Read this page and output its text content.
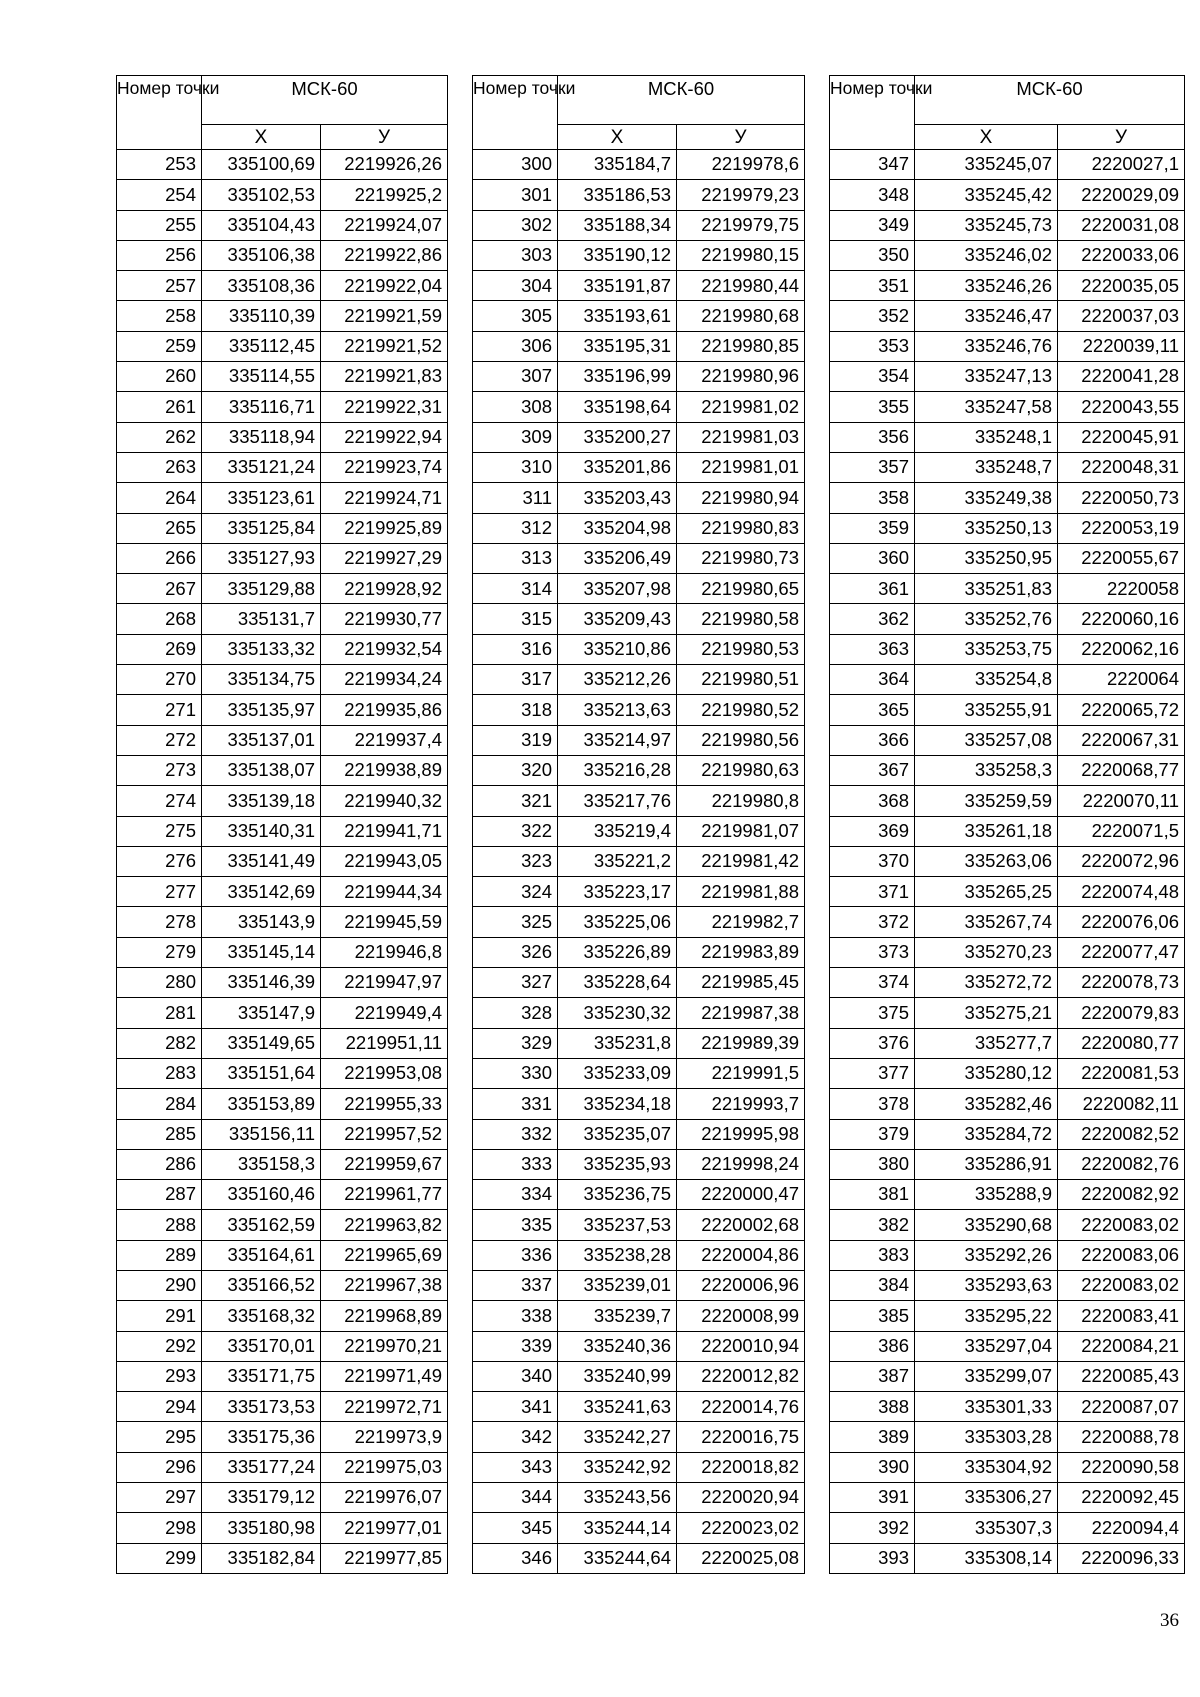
Номер точки	МСК-60	
	X	У
253	335100,69	2219926,26
254	335102,53	2219925,2
255	335104,43	2219924,07
256	335106,38	2219922,86
257	335108,36	2219922,04
258	335110,39	2219921,59
259	335112,45	2219921,52
260	335114,55	2219921,83
261	335116,71	2219922,31
262	335118,94	2219922,94
263	335121,24	2219923,74
264	335123,61	2219924,71
265	335125,84	2219925,89
266	335127,93	2219927,29
267	335129,88	2219928,92
268	335131,7	2219930,77
269	335133,32	2219932,54
270	335134,75	2219934,24
271	335135,97	2219935,86
272	335137,01	2219937,4
273	335138,07	2219938,89
274	335139,18	2219940,32
275	335140,31	2219941,71
276	335141,49	2219943,05
277	335142,69	2219944,34
278	335143,9	2219945,59
279	335145,14	2219946,8
280	335146,39	2219947,97
281	335147,9	2219949,4
282	335149,65	2219951,11
283	335151,64	2219953,08
284	335153,89	2219955,33
285	335156,11	2219957,52
286	335158,3	2219959,67
287	335160,46	2219961,77
288	335162,59	2219963,82
289	335164,61	2219965,69
290	335166,52	2219967,38
291	335168,32	2219968,89
292	335170,01	2219970,21
293	335171,75	2219971,49
294	335173,53	2219972,71
295	335175,36	2219973,9
296	335177,24	2219975,03
297	335179,12	2219976,07
298	335180,98	2219977,01
299	335182,84	2219977,85
Номер точки	МСК-60	
	X	У
300	335184,7	2219978,6
301	335186,53	2219979,23
302	335188,34	2219979,75
303	335190,12	2219980,15
304	335191,87	2219980,44
305	335193,61	2219980,68
306	335195,31	2219980,85
307	335196,99	2219980,96
308	335198,64	2219981,02
309	335200,27	2219981,03
310	335201,86	2219981,01
311	335203,43	2219980,94
312	335204,98	2219980,83
313	335206,49	2219980,73
314	335207,98	2219980,65
315	335209,43	2219980,58
316	335210,86	2219980,53
317	335212,26	2219980,51
318	335213,63	2219980,52
319	335214,97	2219980,56
320	335216,28	2219980,63
321	335217,76	2219980,8
322	335219,4	2219981,07
323	335221,2	2219981,42
324	335223,17	2219981,88
325	335225,06	2219982,7
326	335226,89	2219983,89
327	335228,64	2219985,45
328	335230,32	2219987,38
329	335231,8	2219989,39
330	335233,09	2219991,5
331	335234,18	2219993,7
332	335235,07	2219995,98
333	335235,93	2219998,24
334	335236,75	2220000,47
335	335237,53	2220002,68
336	335238,28	2220004,86
337	335239,01	2220006,96
338	335239,7	2220008,99
339	335240,36	2220010,94
340	335240,99	2220012,82
341	335241,63	2220014,76
342	335242,27	2220016,75
343	335242,92	2220018,82
344	335243,56	2220020,94
345	335244,14	2220023,02
346	335244,64	2220025,08
Номер точки	МСК-60	
	X	У
347	335245,07	2220027,1
348	335245,42	2220029,09
349	335245,73	2220031,08
350	335246,02	2220033,06
351	335246,26	2220035,05
352	335246,47	2220037,03
353	335246,76	2220039,11
354	335247,13	2220041,28
355	335247,58	2220043,55
356	335248,1	2220045,91
357	335248,7	2220048,31
358	335249,38	2220050,73
359	335250,13	2220053,19
360	335250,95	2220055,67
361	335251,83	2220058
362	335252,76	2220060,16
363	335253,75	2220062,16
364	335254,8	2220064
365	335255,91	2220065,72
366	335257,08	2220067,31
367	335258,3	2220068,77
368	335259,59	2220070,11
369	335261,18	2220071,5
370	335263,06	2220072,96
371	335265,25	2220074,48
372	335267,74	2220076,06
373	335270,23	2220077,47
374	335272,72	2220078,73
375	335275,21	2220079,83
376	335277,7	2220080,77
377	335280,12	2220081,53
378	335282,46	2220082,11
379	335284,72	2220082,52
380	335286,91	2220082,76
381	335288,9	2220082,92
382	335290,68	2220083,02
383	335292,26	2220083,06
384	335293,63	2220083,02
385	335295,22	2220083,41
386	335297,04	2220084,21
387	335299,07	2220085,43
388	335301,33	2220087,07
389	335303,28	2220088,78
390	335304,92	2220090,58
391	335306,27	2220092,45
392	335307,3	2220094,4
393	335308,14	2220096,33
36
